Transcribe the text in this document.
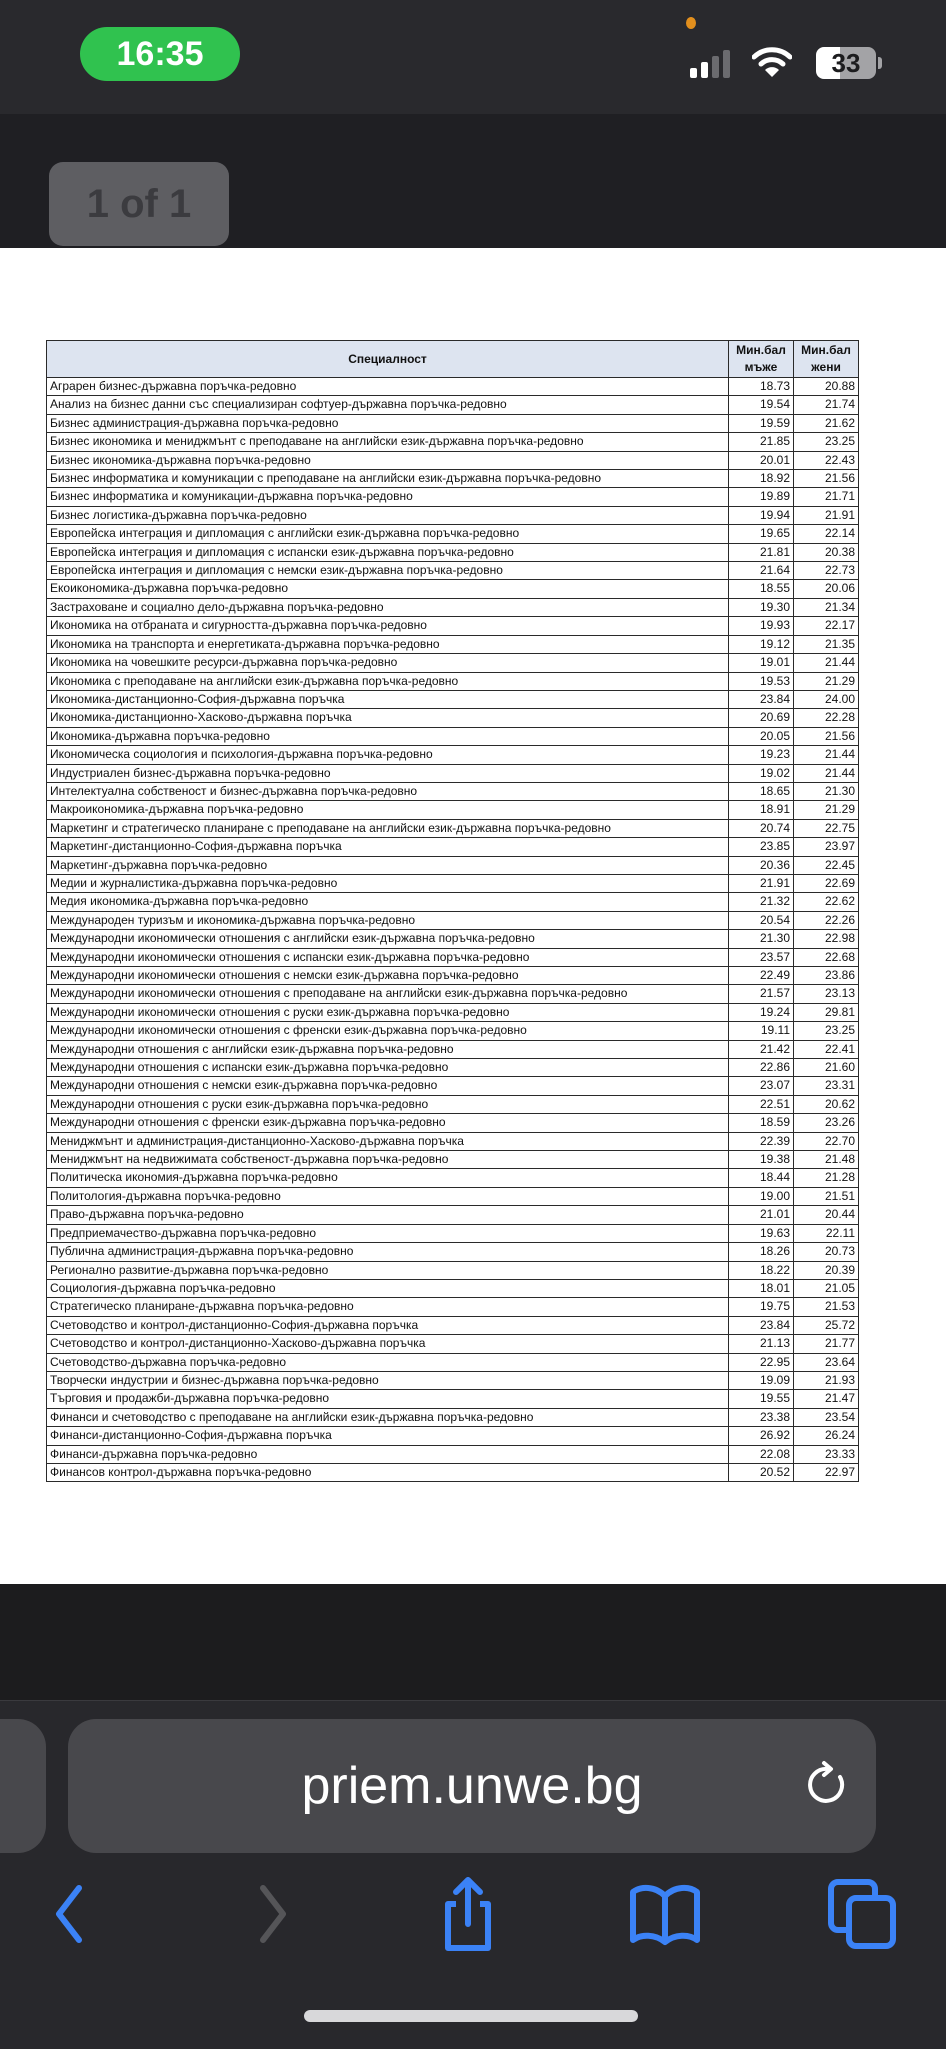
16:35	33
1 of 1
Специалност	Мин.бал мъже	Мин.бал жени
Аграрен бизнес-държавна поръчка-редовно	18.73	20.88
Анализ на бизнес данни със специализиран софтуер-държавна поръчка-редовно	19.54	21.74
Бизнес администрация-държавна поръчка-редовно	19.59	21.62
Бизнес икономика и мениджмънт с преподаване на английски език-държавна поръчка-редовно	21.85	23.25
Бизнес икономика-държавна поръчка-редовно	20.01	22.43
Бизнес информатика и комуникации с преподаване на английски език-държавна поръчка-редовно	18.92	21.56
Бизнес информатика и комуникации-държавна поръчка-редовно	19.89	21.71
Бизнес логистика-държавна поръчка-редовно	19.94	21.91
Европейска интеграция и дипломация с английски език-държавна поръчка-редовно	19.65	22.14
Европейска интеграция и дипломация с испански език-държавна поръчка-редовно	21.81	20.38
Европейска интеграция и дипломация с немски език-държавна поръчка-редовно	21.64	22.73
Екоикономика-държавна поръчка-редовно	18.55	20.06
Застраховане и социално дело-държавна поръчка-редовно	19.30	21.34
Икономика на отбраната и сигурността-държавна поръчка-редовно	19.93	22.17
Икономика на транспорта и енергетиката-държавна поръчка-редовно	19.12	21.35
Икономика на човешките ресурси-държавна поръчка-редовно	19.01	21.44
Икономика с преподаване на английски език-държавна поръчка-редовно	19.53	21.29
Икономика-дистанционно-София-държавна поръчка	23.84	24.00
Икономика-дистанционно-Хасково-държавна поръчка	20.69	22.28
Икономика-държавна поръчка-редовно	20.05	21.56
Икономическа социология и психология-държавна поръчка-редовно	19.23	21.44
Индустриален бизнес-държавна поръчка-редовно	19.02	21.44
Интелектуална собственост и бизнес-държавна поръчка-редовно	18.65	21.30
Макроикономика-държавна поръчка-редовно	18.91	21.29
Маркетинг и стратегическо планиране с преподаване на английски език-държавна поръчка-редовно	20.74	22.75
Маркетинг-дистанционно-София-държавна поръчка	23.85	23.97
Маркетинг-държавна поръчка-редовно	20.36	22.45
Медии и журналистика-държавна поръчка-редовно	21.91	22.69
Медия икономика-държавна поръчка-редовно	21.32	22.62
Международен туризъм и икономика-държавна поръчка-редовно	20.54	22.26
Международни икономически отношения с английски език-държавна поръчка-редовно	21.30	22.98
Международни икономически отношения с испански език-държавна поръчка-редовно	23.57	22.68
Международни икономически отношения с немски език-държавна поръчка-редовно	22.49	23.86
Международни икономически отношения с преподаване на английски език-държавна поръчка-редовно	21.57	23.13
Международни икономически отношения с руски език-държавна поръчка-редовно	19.24	29.81
Международни икономически отношения с френски език-държавна поръчка-редовно	19.11	23.25
Международни отношения с английски език-държавна поръчка-редовно	21.42	22.41
Международни отношения с испански език-държавна поръчка-редовно	22.86	21.60
Международни отношения с немски език-държавна поръчка-редовно	23.07	23.31
Международни отношения с руски език-държавна поръчка-редовно	22.51	20.62
Международни отношения с френски език-държавна поръчка-редовно	18.59	23.26
Мениджмънт и администрация-дистанционно-Хасково-държавна поръчка	22.39	22.70
Мениджмънт на недвижимата собственост-държавна поръчка-редовно	19.38	21.48
Политическа икономия-държавна поръчка-редовно	18.44	21.28
Политология-държавна поръчка-редовно	19.00	21.51
Право-държавна поръчка-редовно	21.01	20.44
Предприемачество-държавна поръчка-редовно	19.63	22.11
Публична администрация-държавна поръчка-редовно	18.26	20.73
Регионално развитие-държавна поръчка-редовно	18.22	20.39
Социология-държавна поръчка-редовно	18.01	21.05
Стратегическо планиране-държавна поръчка-редовно	19.75	21.53
Счетоводство и контрол-дистанционно-София-държавна поръчка	23.84	25.72
Счетоводство и контрол-дистанционно-Хасково-държавна поръчка	21.13	21.77
Счетоводство-държавна поръчка-редовно	22.95	23.64
Творчески индустрии и бизнес-държавна поръчка-редовно	19.09	21.93
Търговия и продажби-държавна поръчка-редовно	19.55	21.47
Финанси и счетоводство с преподаване на английски език-държавна поръчка-редовно	23.38	23.54
Финанси-дистанционно-София-държавна поръчка	26.92	26.24
Финанси-държавна поръчка-редовно	22.08	23.33
Финансов контрол-държавна поръчка-редовно	20.52	22.97
priem.unwe.bg
